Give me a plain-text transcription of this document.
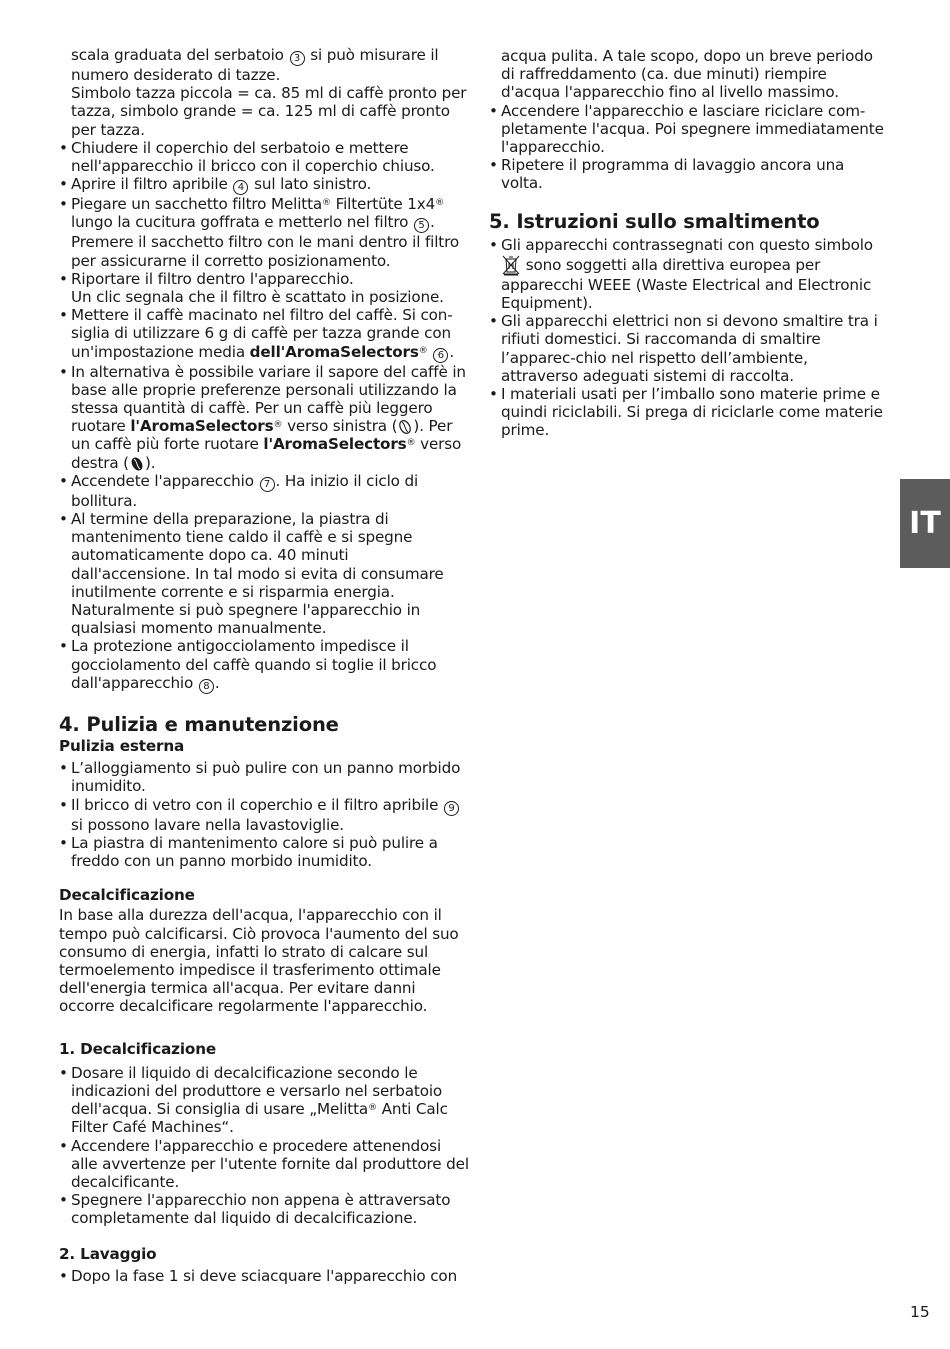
scala graduata del serbatoio 3 si può misurare il

numero desiderato di tazze.

Simbolo tazza piccola = ca. 85 ml di caffè pronto per

tazza, simbolo grande = ca. 125 ml di caffè pronto

per tazza.

• Chiudere il coperchio del serbatoio e mettere nell'apparecchio il bricco con il coperchio chiuso.
• Aprire il filtro apribile 4 sul lato sinistro.
• Piegare un sacchetto filtro Melitta® Filtertüte 1x4® lungo la cucitura goffrata e metterlo nel filtro 5 . Premere il sacchetto filtro con le mani dentro il filtro per assicurarne il corretto posizionamento.
• Riportare il filtro dentro l'apparecchio.
Un clic segnala che il filtro è scattato in posizione.
• Mettere il caffè macinato nel filtro del caffè. Si con-siglia di utilizzare 6 g di caffè per tazza grande con un'impostazione media dell'AromaSelectors® 6 .
• In alternativa è possibile variare il sapore del caffè in base alle proprie preferenze personali utilizzando la stessa quantità di caffè. Per un caffè più leggero ruotare l'AromaSelectors® verso sinistra ( ). Per un caffè più forte ruotare l'AromaSelectors® verso destra ( ).
• Accendete l'apparecchio 7 . Ha inizio il ciclo di bollitura.
• Al termine della preparazione, la piastra di mantenimento tiene caldo il caffè e si spegne automaticamente dopo ca. 40 minuti dall'accensione. In tal modo si evita di consumare inutilmente corrente e si risparmia energia. Naturalmente si può spegnere l'apparecchio in qualsiasi momento manualmente.
• La protezione antigocciolamento impedisce il gocciolamento del caffè quando si toglie il bricco dall'apparecchio 8 .
4. Pulizia e manutenzione
Pulizia esterna
• L’alloggiamento si può pulire con un panno morbido inumidito.
• Il bricco di vetro con il coperchio e il filtro apribile 9 si possono lavare nella lavastoviglie.
• La piastra di mantenimento calore si può pulire a freddo con un panno morbido inumidito.
Decalcificazione

In base alla durezza dell'acqua, l'apparecchio con il tempo può calcificarsi. Ciò provoca l'aumento del suo consumo di energia, infatti lo strato di calcare sul termoelemento impedisce il trasferimento ottimale dell'energia termica all'acqua. Per evitare danni occorre decalcificare regolarmente l'apparecchio.

1. Decalcificazione
• Dosare il liquido di decalcificazione secondo le indicazioni del produttore e versarlo nel serbatoio dell'acqua. Si consiglia di usare „Melitta® Anti Calc Filter Café Machines“.
• Accendere l'apparecchio e procedere attenendosi alle avvertenze per l'utente fornite dal produttore del decalcificante.
• Spegnere l'apparecchio non appena è attraversato completamente dal liquido di decalcificazione.
2. Lavaggio
• Dopo la fase 1 si deve sciacquare l'apparecchio con

acqua pulita. A tale scopo, dopo un breve periodo di raffreddamento (ca. due minuti) riempire d'acqua l'apparecchio fino al livello massimo.

• Accendere l'apparecchio e lasciare riciclare com-pletamente l'acqua. Poi spegnere immediatamente l'apparecchio.
• Ripetere il programma di lavaggio ancora una volta.
5. Istruzioni sullo smaltimento
• Gli apparecchi contrassegnati con questo simbolo  sono soggetti alla direttiva europea per apparecchi WEEE (Waste Electrical and Electronic Equipment).
• Gli apparecchi elettrici non si devono smaltire tra i rifiuti domestici. Si raccomanda di smaltire l’apparec-chio nel rispetto dell’ambiente, attraverso adeguati sistemi di raccolta.
• I materiali usati per l’imballo sono materie prime e quindi riciclabili. Si prega di riciclarle come materie prime.
IT
15
